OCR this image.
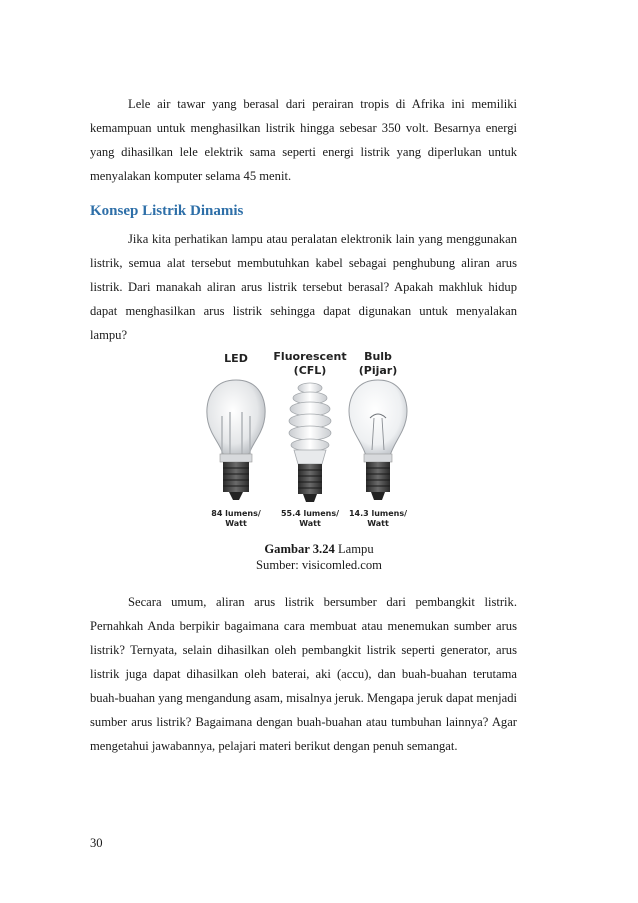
Lele air tawar yang berasal dari perairan tropis di Afrika ini memiliki kemampuan untuk menghasilkan listrik hingga sebesar 350 volt. Besarnya energi yang dihasilkan lele elektrik sama seperti energi listrik yang diperlukan untuk menyalakan komputer selama 45 menit.

Konsep Listrik Dinamis

Jika kita perhatikan lampu atau peralatan elektronik lain yang menggunakan listrik, semua alat tersebut membutuhkan kabel sebagai penghubung aliran arus listrik. Dari manakah aliran arus listrik tersebut berasal? Apakah makhluk hidup dapat menghasilkan arus listrik sehingga dapat digunakan untuk menyalakan lampu?

LED Fluorescent
(CFL)
Bulb
(Pijar)
84 lumens/
Watt
55.4 lumens/
Watt
14.3 lumens/
Watt

Gambar 3.24 Lampu

Sumber: visicomled.com

Secara umum, aliran arus listrik bersumber dari pembangkit listrik. Pernahkah Anda berpikir bagaimana cara membuat atau menemukan sumber arus listrik? Ternyata, selain dihasilkan oleh pembangkit listrik seperti generator, arus listrik juga dapat dihasilkan oleh baterai, aki (accu), dan buah-buahan terutama buah-buahan yang mengandung asam, misalnya jeruk. Mengapa jeruk dapat menjadi sumber arus listrik? Bagaimana dengan buah-buahan atau tumbuhan lainnya? Agar mengetahui jawabannya, pelajari materi berikut dengan penuh semangat.

30
